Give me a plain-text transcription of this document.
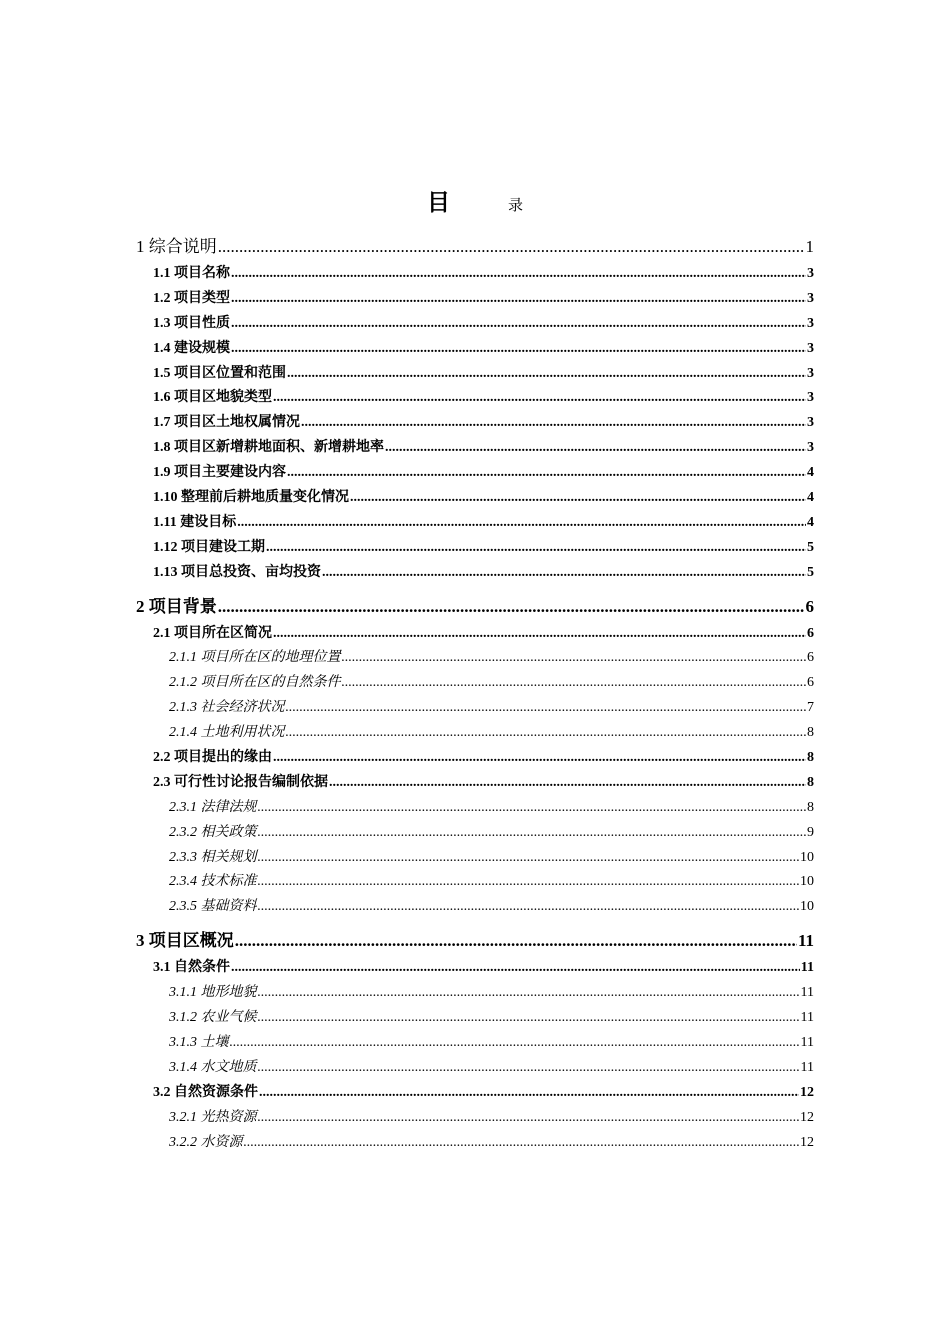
目	录
1 综合说明 .....	1
1.1 项目名称 .....	3
1.2 项目类型 .....	3
1.3 项目性质 .....	3
1.4 建设规模 .....	3
1.5 项目区位置和范围 .....	3
1.6 项目区地貌类型 .....	3
1.7 项目区土地权属情况 .....	3
1.8 项目区新增耕地面积、新增耕地率 .....	3
1.9 项目主要建设内容 .....	4
1.10 整理前后耕地质量变化情况 .....	4
1.11 建设目标 .....	4
1.12 项目建设工期 .....	5
1.13 项目总投资、亩均投资 .....	5
2 项目背景 .....	6
2.1 项目所在区简况 .....	6
2.1.1 项目所在区的地理位置 .....	6
2.1.2 项目所在区的自然条件 .....	6
2.1.3 社会经济状况 .....	7
2.1.4 土地利用状况 .....	8
2.2 项目提出的缘由 .....	8
2.3 可行性讨论报告编制依据 .....	8
2.3.1 法律法规 .....	8
2.3.2 相关政策 .....	9
2.3.3 相关规划 .....	10
2.3.4 技术标准 .....	10
2.3.5 基础资料 .....	10
3 项目区概况 .....	11
3.1 自然条件 .....	11
3.1.1 地形地貌 .....	11
3.1.2 农业气候 .....	11
3.1.3 土壤 .....	11
3.1.4 水文地质 .....	11
3.2 自然资源条件 .....	12
3.2.1 光热资源 .....	12
3.2.2 水资源 .....	12
